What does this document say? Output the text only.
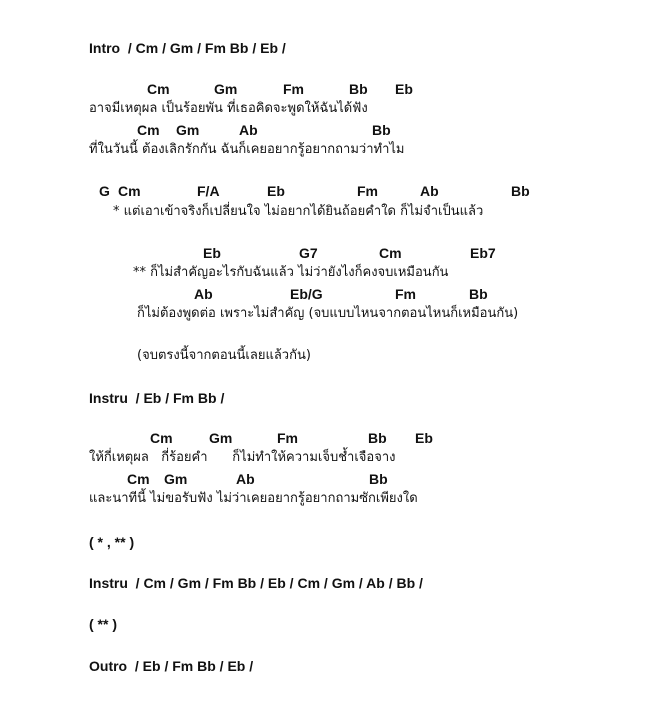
Intro  / Cm / Gm / Fm Bb / Eb /

Cm

	Gm

	Fm

	Bb

Eb

อาจมีเหตุผล เป็นร้อยพัน ที่เธอคิดจะพูดให้ฉันได้ฟัง

Cm

Gm

	Ab

	Bb

ที่ในวันนี้ ต้องเลิกรักกัน ฉันก็เคยอยากรู้อยากถามว่าทำไม

G

Cm

	F/A

	Eb

	Fm

	Ab

	Bb

* แต่เอาเข้าจริงก็เปลี่ยนใจ ไม่อยากได้ยินถ้อยคำใด ก็ไม่จำเป็นแล้ว

Eb

	G7

	Cm

	Eb7

** ก็ไม่สำคัญอะไรกับฉันแล้ว ไม่ว่ายังไงก็คงจบเหมือนกัน

Ab

	Eb/G

	Fm

	Bb

ก็ไม่ต้องพูดต่อ เพราะไม่สำคัญ (จบแบบไหนจากตอนไหนก็เหมือนกัน)
(จบตรงนี้จากตอนนี้เลยแล้วกัน)
Instru  / Eb / Fm Bb /

Cm

	Gm

	Fm

	Bb

Eb

ให้กี่เหตุผล   กี่ร้อยคำ      ก็ไม่ทำให้ความเจ็บช้ำเจือจาง

Cm

Gm

	Ab

	Bb

และนาทีนี้ ไม่ขอรับฟัง ไม่ว่าเคยอยากรู้อยากถามซักเพียงใด
( * , ** )
Instru  / Cm / Gm / Fm Bb / Eb / Cm / Gm / Ab / Bb /
( ** )
Outro  / Eb / Fm Bb / Eb /
